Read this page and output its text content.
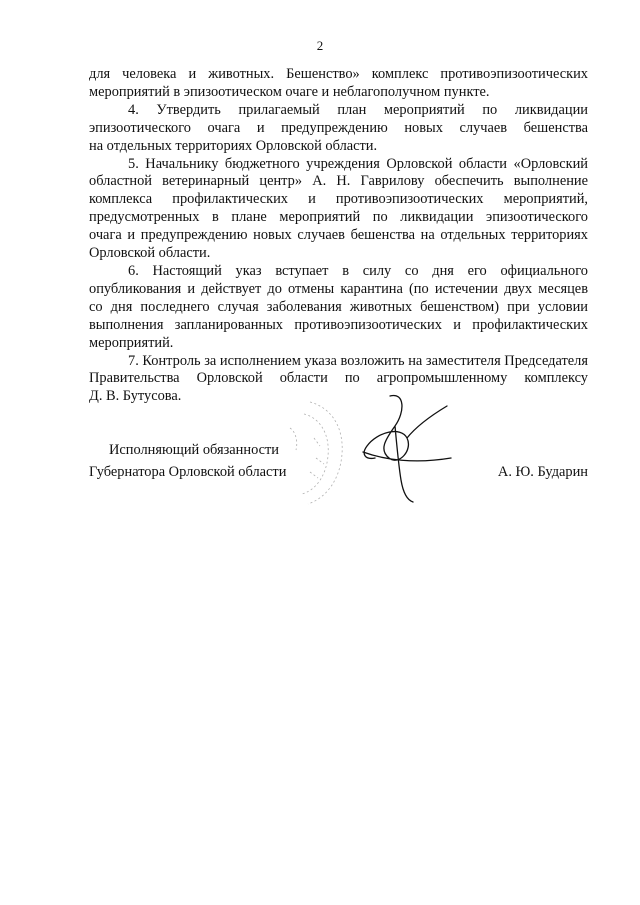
2
для человека и животных. Бешенство» комплекс противоэпизоотических
мероприятий в эпизоотическом очаге и неблагополучном пункте.
4. Утвердить прилагаемый план мероприятий по ликвидации
эпизоотического очага и предупреждению новых случаев бешенства
на отдельных территориях Орловской области.
5. Начальнику бюджетного учреждения Орловской области «Орловский
областной ветеринарный центр» А. Н. Гаврилову обеспечить выполнение
комплекса профилактических и противоэпизоотических мероприятий,
предусмотренных в плане мероприятий по ликвидации эпизоотического
очага и предупреждению новых случаев бешенства на отдельных территориях
Орловской области.
6. Настоящий указ вступает в силу со дня его официального
опубликования и действует до отмены карантина (по истечении двух месяцев
со дня последнего случая заболевания животных бешенством) при условии
выполнения запланированных противоэпизоотических и профилактических
мероприятий.
7. Контроль за исполнением указа возложить на заместителя Председателя
Правительства Орловской области по агропромышленному комплексу
Д. В. Бутусова.
Исполняющий обязанности
Губернатора Орловской области	А. Ю. Бударин
